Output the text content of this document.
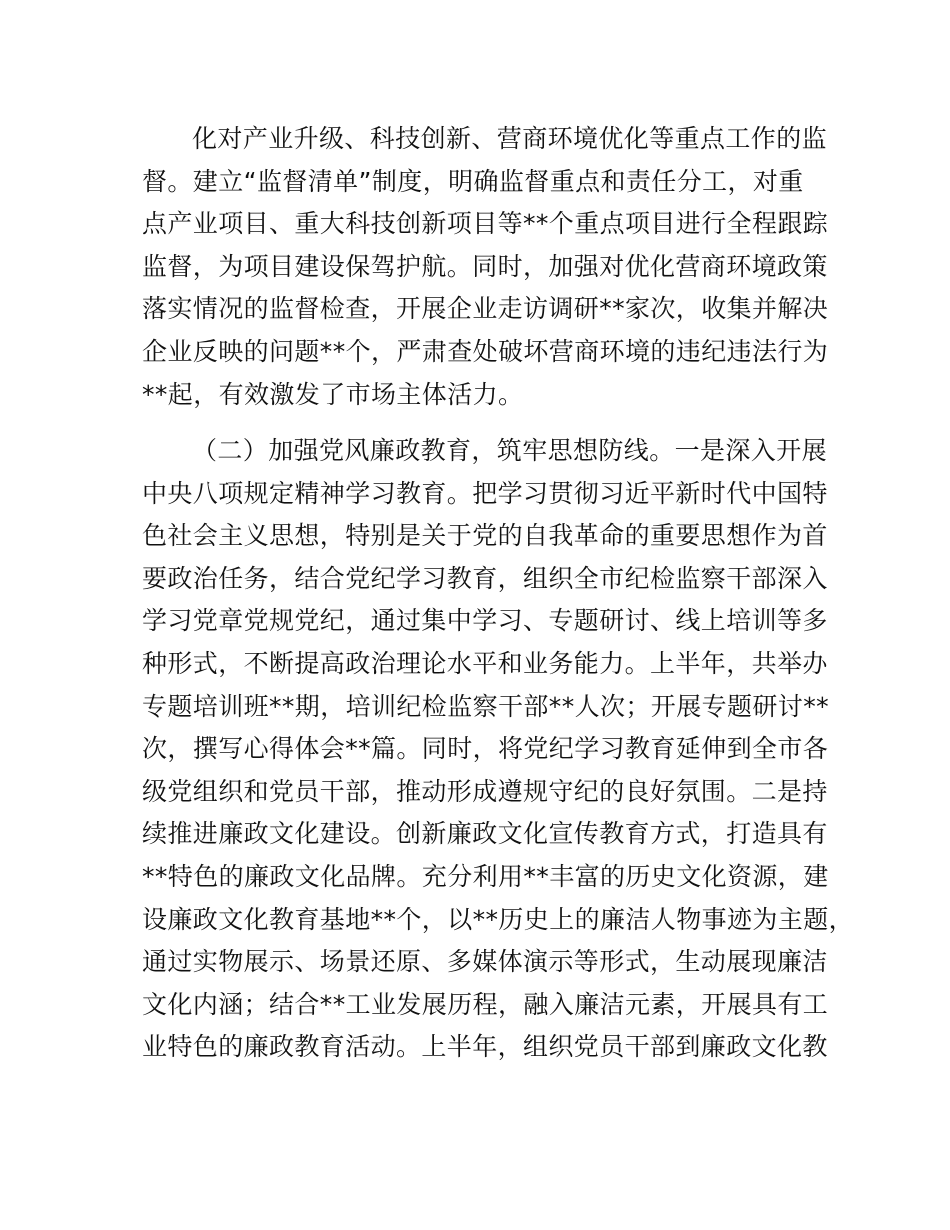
化对产业升级、科技创新、营商环境优化等重点工作的监
督。建立“监督清单”制度，明确监督重点和责任分工，对重
点产业项目、重大科技创新项目等**个重点项目进行全程跟踪
监督，为项目建设保驾护航。同时，加强对优化营商环境政策
落实情况的监督检查，开展企业走访调研**家次，收集并解决
企业反映的问题**个，严肃查处破坏营商环境的违纪违法行为
**起，有效激发了市场主体活力。
（二）加强党风廉政教育，筑牢思想防线。一是深入开展
中央八项规定精神学习教育。把学习贯彻习近平新时代中国特
色社会主义思想，特别是关于党的自我革命的重要思想作为首
要政治任务，结合党纪学习教育，组织全市纪检监察干部深入
学习党章党规党纪，通过集中学习、专题研讨、线上培训等多
种形式，不断提高政治理论水平和业务能力。上半年，共举办
专题培训班**期，培训纪检监察干部**人次；开展专题研讨**
次，撰写心得体会**篇。同时，将党纪学习教育延伸到全市各
级党组织和党员干部，推动形成遵规守纪的良好氛围。二是持
续推进廉政文化建设。创新廉政文化宣传教育方式，打造具有
**特色的廉政文化品牌。充分利用**丰富的历史文化资源，建
设廉政文化教育基地**个，以**历史上的廉洁人物事迹为主题，
通过实物展示、场景还原、多媒体演示等形式，生动展现廉洁
文化内涵；结合**工业发展历程，融入廉洁元素，开展具有工
业特色的廉政教育活动。上半年，组织党员干部到廉政文化教
